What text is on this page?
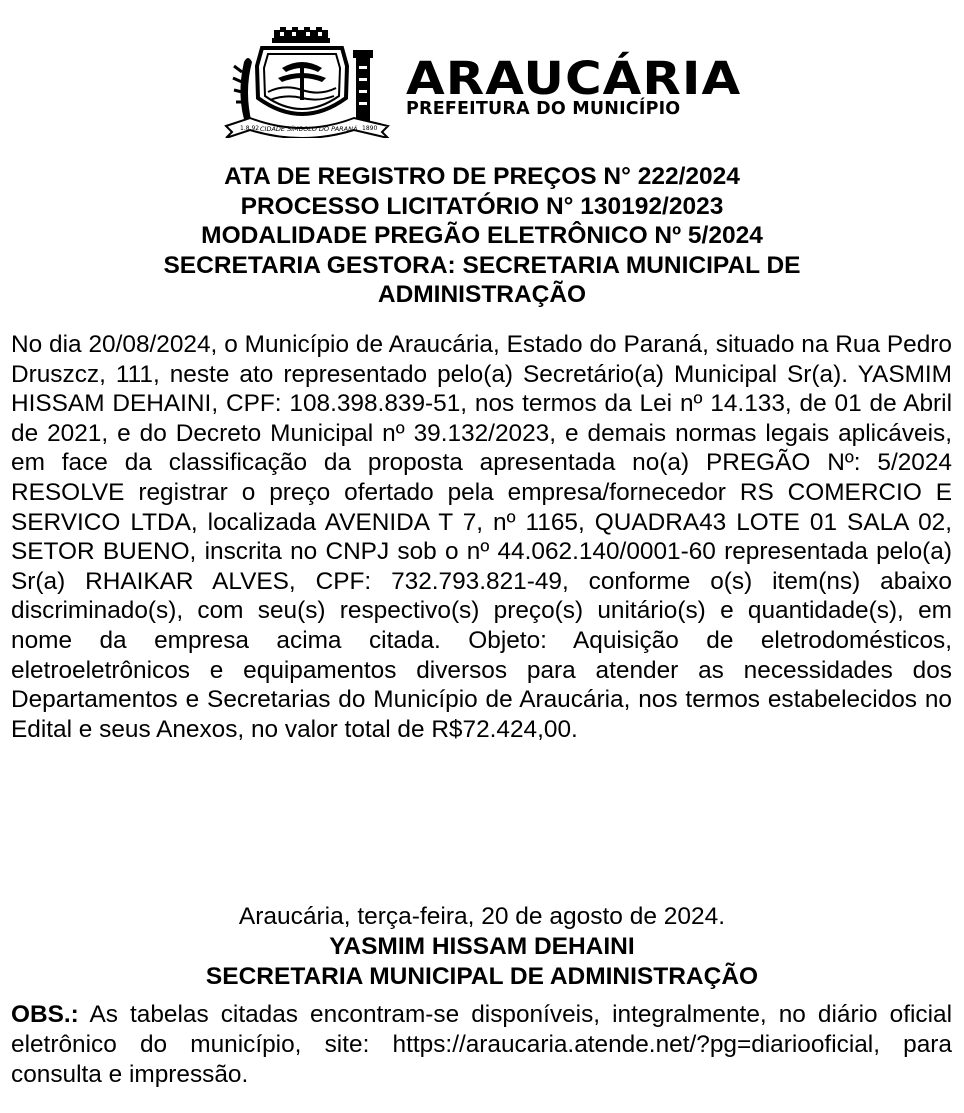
1.8.92 CIDADE SÍMBOLO DO PARANÁ 1890
ARAUCÁRIA
PREFEITURA DO MUNICÍPIO
ATA DE REGISTRO DE PREÇOS N° 222/2024
PROCESSO LICITATÓRIO N° 130192/2023
MODALIDADE PREGÃO ELETRÔNICO Nº 5/2024
SECRETARIA GESTORA: SECRETARIA MUNICIPAL DE
ADMINISTRAÇÃO
No dia 20/08/2024, o Município de Araucária, Estado do Paraná, situado na Rua Pedro Druszcz, 111, neste ato representado pelo(a) Secretário(a) Municipal Sr(a). YASMIM HISSAM DEHAINI, CPF: 108.398.839-51, nos termos da Lei nº 14.133, de 01 de Abril de 2021, e do Decreto Municipal nº 39.132/2023, e demais normas legais aplicáveis, em face da classificação da proposta apresentada no(a) PREGÃO Nº: 5/2024 RESOLVE registrar o preço ofertado pela empresa/fornecedor RS COMERCIO E SERVICO LTDA, localizada AVENIDA T 7, nº 1165, QUADRA43 LOTE 01 SALA 02, SETOR BUENO, inscrita no CNPJ sob o nº 44.062.140/0001-60 representada pelo(a) Sr(a) RHAIKAR ALVES, CPF: 732.793.821-49, conforme o(s) item(ns) abaixo discriminado(s), com seu(s) respectivo(s) preço(s) unitário(s) e quantidade(s), em nome da empresa acima citada. Objeto: Aquisição de eletrodomésticos, eletroeletrônicos e equipamentos diversos para atender as necessidades dos Departamentos e Secretarias do Município de Araucária, nos termos estabelecidos no Edital e seus Anexos, no valor total de R$72.424,00.
Araucária, terça-feira, 20 de agosto de 2024.
YASMIM HISSAM DEHAINI
SECRETARIA MUNICIPAL DE ADMINISTRAÇÃO
OBS.: As tabelas citadas encontram-se disponíveis, integralmente, no diário oficial eletrônico do município, site: https://araucaria.atende.net/?pg=diariooficial, para consulta e impressão.
